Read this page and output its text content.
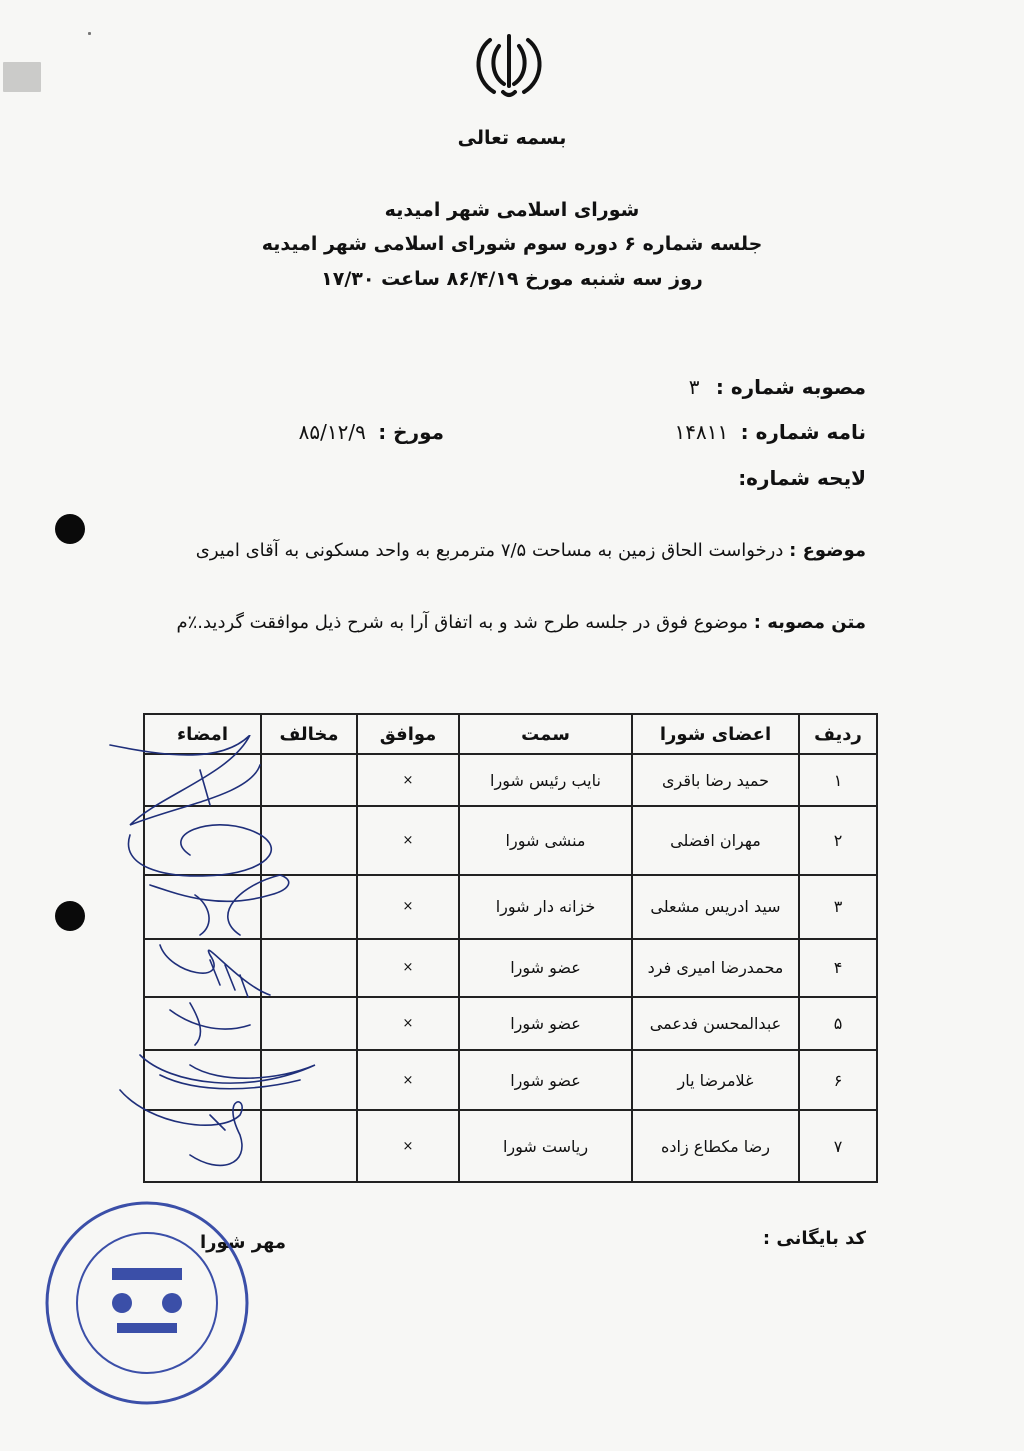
بسمه تعالی
شورای اسلامی شهر امیدیه
جلسه شماره ۶ دوره سوم شورای اسلامی شهر امیدیه
روز سه شنبه مورخ ۸۶/۴/۱۹ ساعت ۱۷/۳۰
مصوبه شماره : ۳
نامه شماره : ۱۴۸۱۱
مورخ : ۸۵/۱۲/۹
لایحه شماره:
موضوع : درخواست الحاق زمین به مساحت ۷/۵ مترمربع به واحد مسکونی به آقای امیری
متن مصوبه : موضوع فوق در جلسه طرح شد و به اتفاق آرا به شرح ذیل موافقت گردید.٪م
ردیف	اعضای شورا	سمت	موافق	مخالف	امضاء
۱	حمید رضا باقری	نایب رئیس شورا	×		
۲	مهران افضلی	منشی شورا	×		
۳	سید ادریس مشعلی	خزانه دار شورا	×		
۴	محمدرضا امیری فرد	عضو شورا	×		
۵	عبدالمحسن فدعمی	عضو شورا	×		
۶	غلامرضا یار	عضو شورا	×		
۷	رضا مکطاع زاده	ریاست شورا	×		
کد بایگانی :
مهر شورا
